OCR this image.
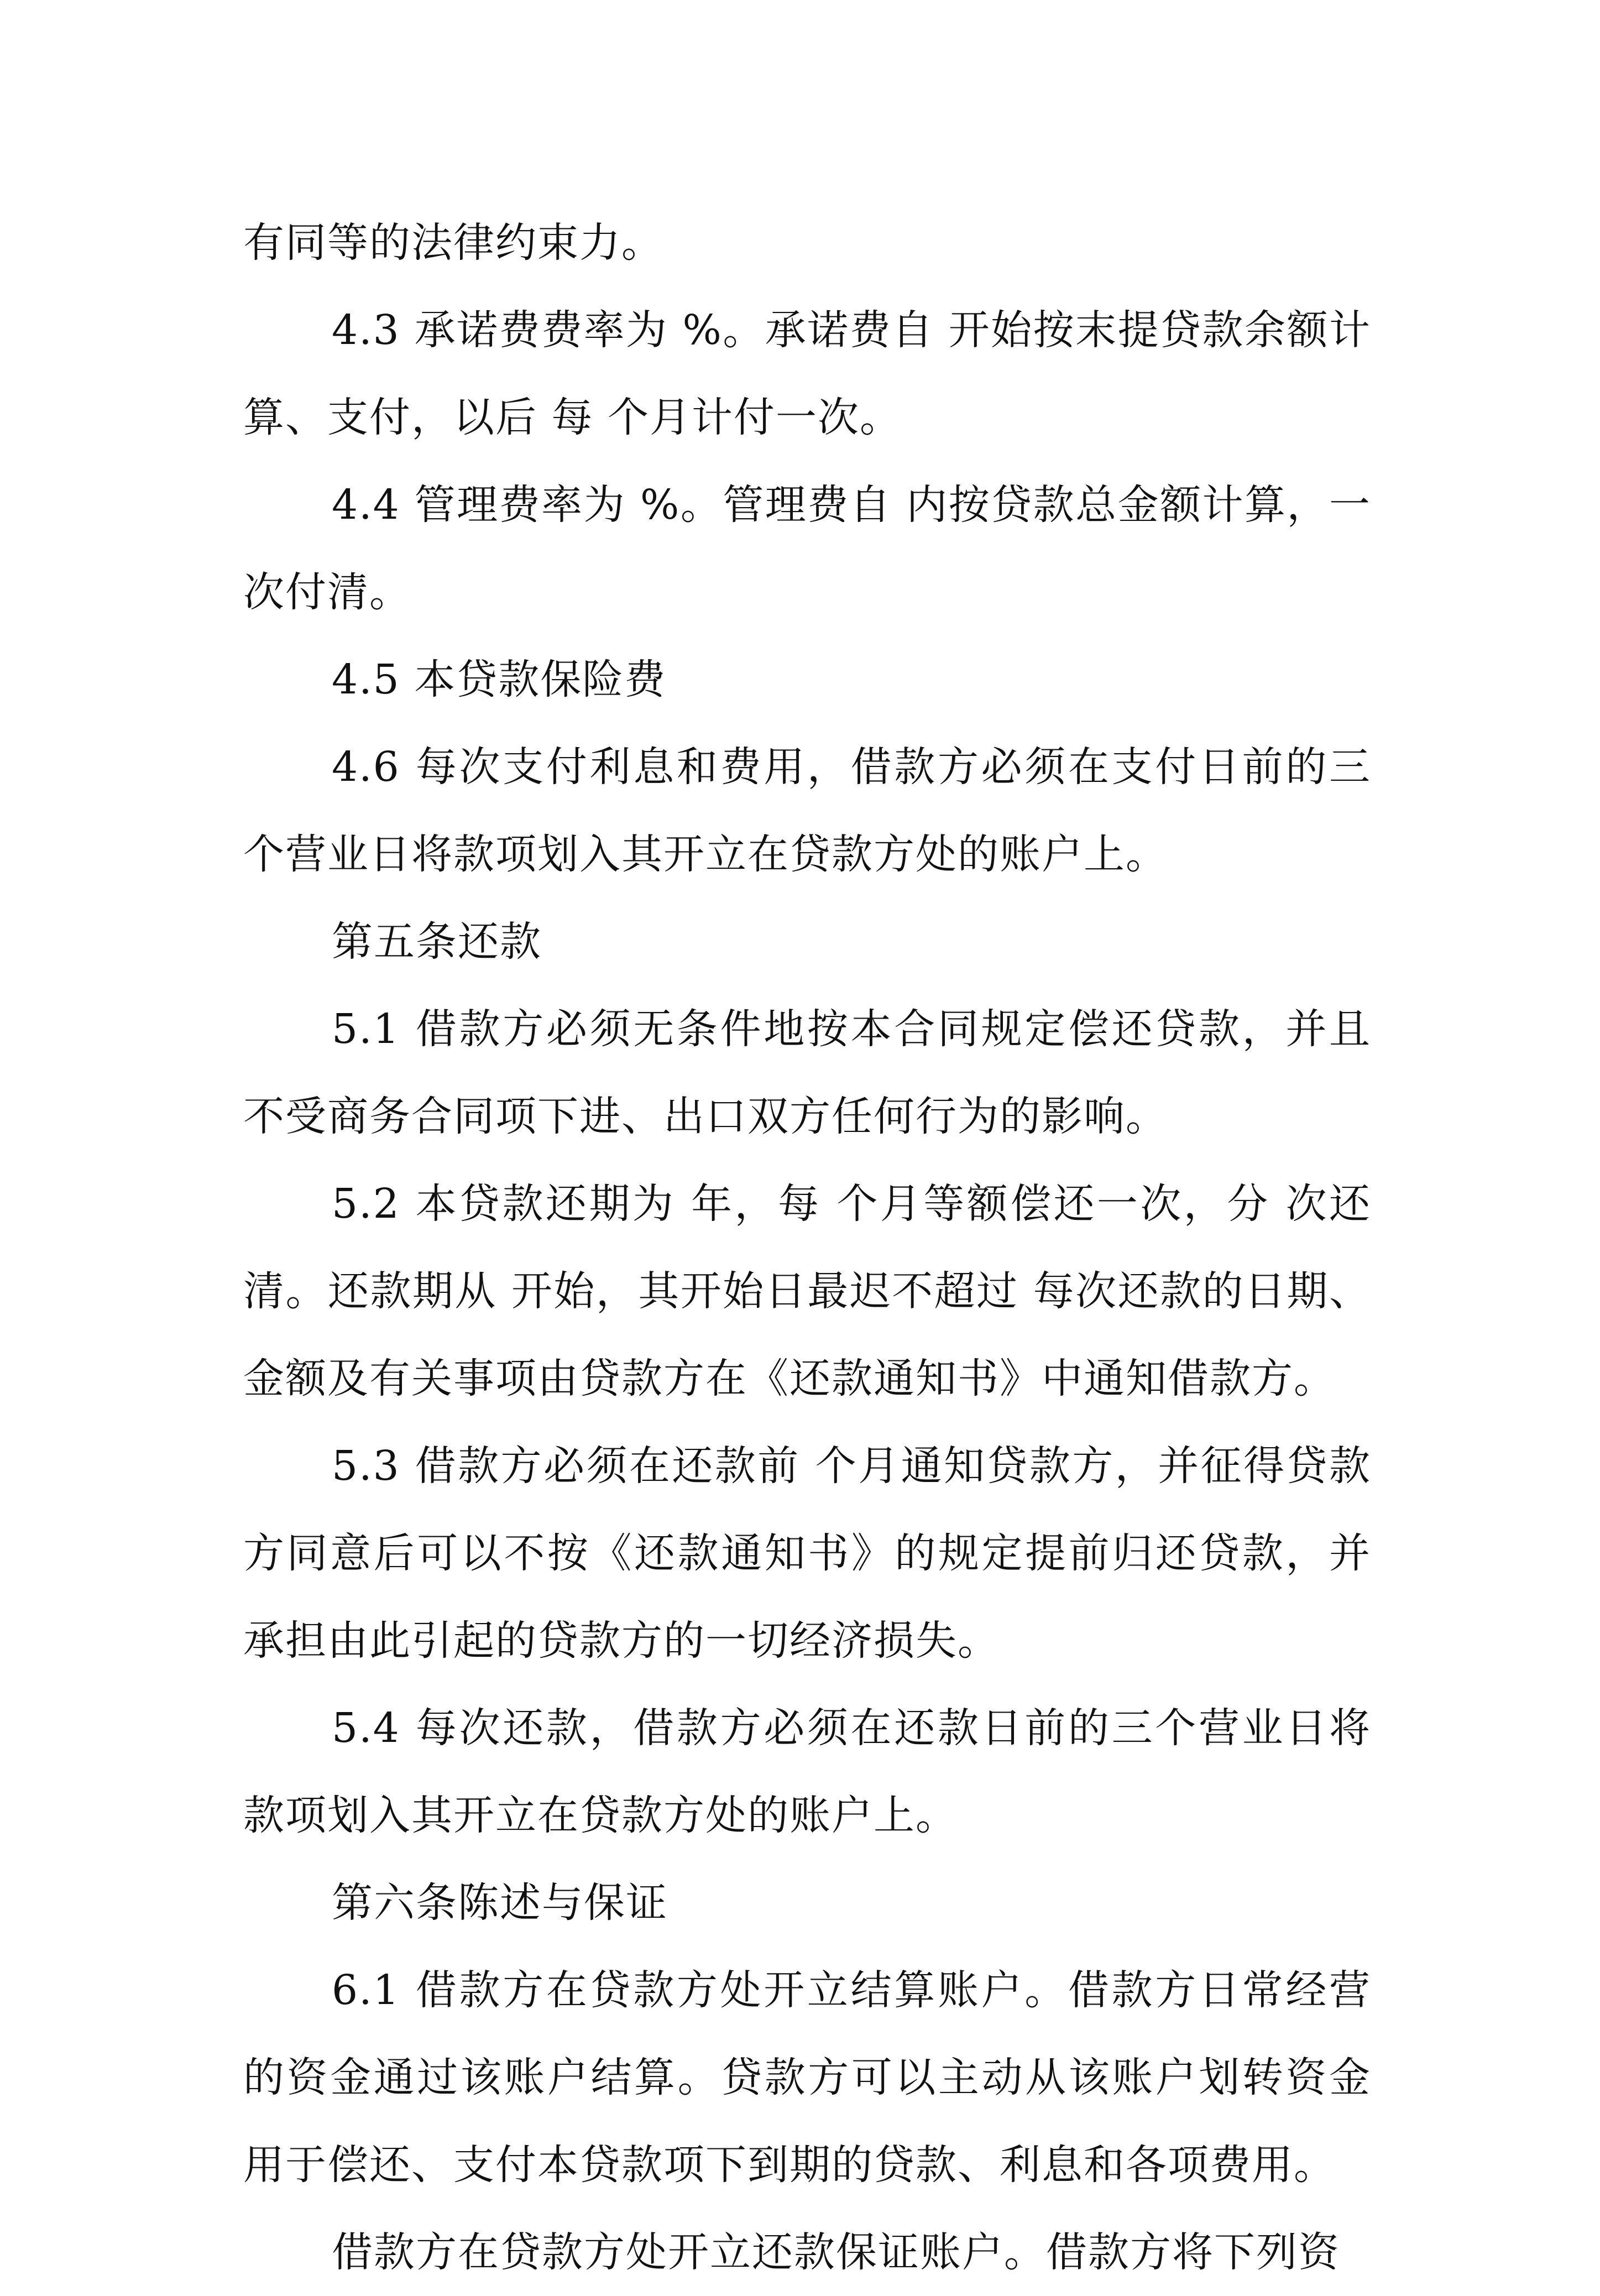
有同等的法律约束力。

4.3 承诺费费率为 %。承诺费自 开始按末提贷款余额计算、支付，以后 每 个月计付一次。

4.4 管理费率为 %。管理费自 内按贷款总金额计算，一次付清。

4.5 本贷款保险费

4.6 每次支付利息和费用，借款方必须在支付日前的三个营业日将款项划入其开立在贷款方处的账户上。

第五条还款

5.1 借款方必须无条件地按本合同规定偿还贷款，并且不受商务合同项下进、出口双方任何行为的影响。

5.2 本贷款还期为 年，每 个月等额偿还一次，分 次还清。还款期从 开始，其开始日最迟不超过 每次还款的日期、金额及有关事项由贷款方在《还款通知书》中通知借款方。

5.3 借款方必须在还款前 个月通知贷款方，并征得贷款方同意后可以不按《还款通知书》的规定提前归还贷款，并承担由此引起的贷款方的一切经济损失。

5.4 每次还款，借款方必须在还款日前的三个营业日将款项划入其开立在贷款方处的账户上。

第六条陈述与保证

6.1 借款方在贷款方处开立结算账户。借款方日常经营的资金通过该账户结算。贷款方可以主动从该账户划转资金用于偿还、支付本贷款项下到期的贷款、利息和各项费用。

借款方在贷款方处开立还款保证账户。借款方将下列资
